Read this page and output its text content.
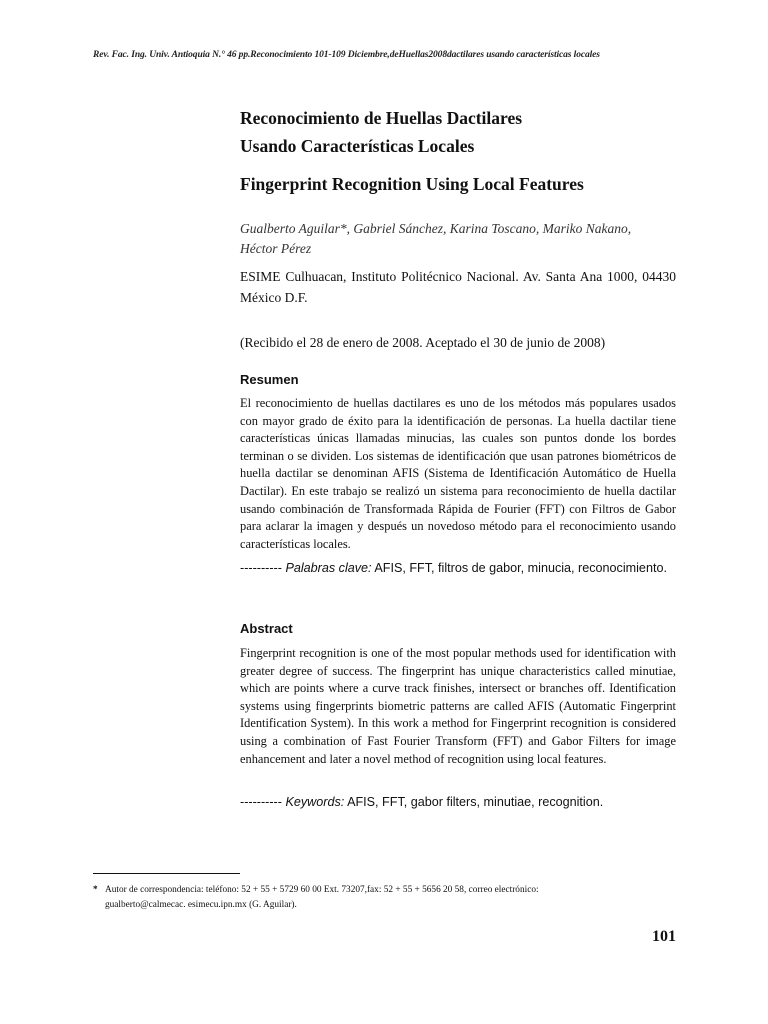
Rev. Fac. Ing. Univ. Antioquia N.° 46 pp.Reconocimiento 101-109 Diciembre,deHuellas2008dactilares usando características locales
Reconocimiento de Huellas Dactilares
Usando Características Locales
Fingerprint Recognition Using Local Features
Gualberto Aguilar*, Gabriel Sánchez, Karina Toscano, Mariko Nakano,
Héctor Pérez
ESIME Culhuacan, Instituto Politécnico Nacional. Av. Santa Ana 1000, 04430 México D.F.
(Recibido el 28 de enero de 2008. Aceptado el 30 de junio de 2008)
Resumen
El reconocimiento de huellas dactilares es uno de los métodos más populares usados con mayor grado de éxito para la identificación de personas. La huella dactilar tiene características únicas llamadas minucias, las cuales son puntos donde los bordes terminan o se dividen. Los sistemas de identificación que usan patrones biométricos de huella dactilar se denominan AFIS (Sistema de Identificación Automático de Huella Dactilar). En este trabajo se realizó un sistema para reconocimiento de huella dactilar usando combinación de Transformada Rápida de Fourier (FFT) con Filtros de Gabor para aclarar la imagen y después un novedoso método para el reconocimiento usando características locales.
---------- Palabras clave: AFIS, FFT, filtros de gabor, minucia, reconocimiento.
Abstract
Fingerprint recognition is one of the most popular methods used for identification with greater degree of success. The fingerprint has unique characteristics called minutiae, which are points where a curve track finishes, intersect or branches off. Identification systems using fingerprints biometric patterns are called AFIS (Automatic Fingerprint Identification System). In this work a method for Fingerprint recognition is considered using a combination of Fast Fourier Transform (FFT) and Gabor Filters for image enhancement and later a novel method of recognition using local features.
---------- Keywords: AFIS, FFT, gabor filters, minutiae, recognition.
* Autor de correspondencia: teléfono: 52 + 55 + 5729 60 00 Ext. 73207,fax: 52 + 55 + 5656 20 58, correo electrónico:
gualberto@calmecac. esimecu.ipn.mx (G. Aguilar).
101
